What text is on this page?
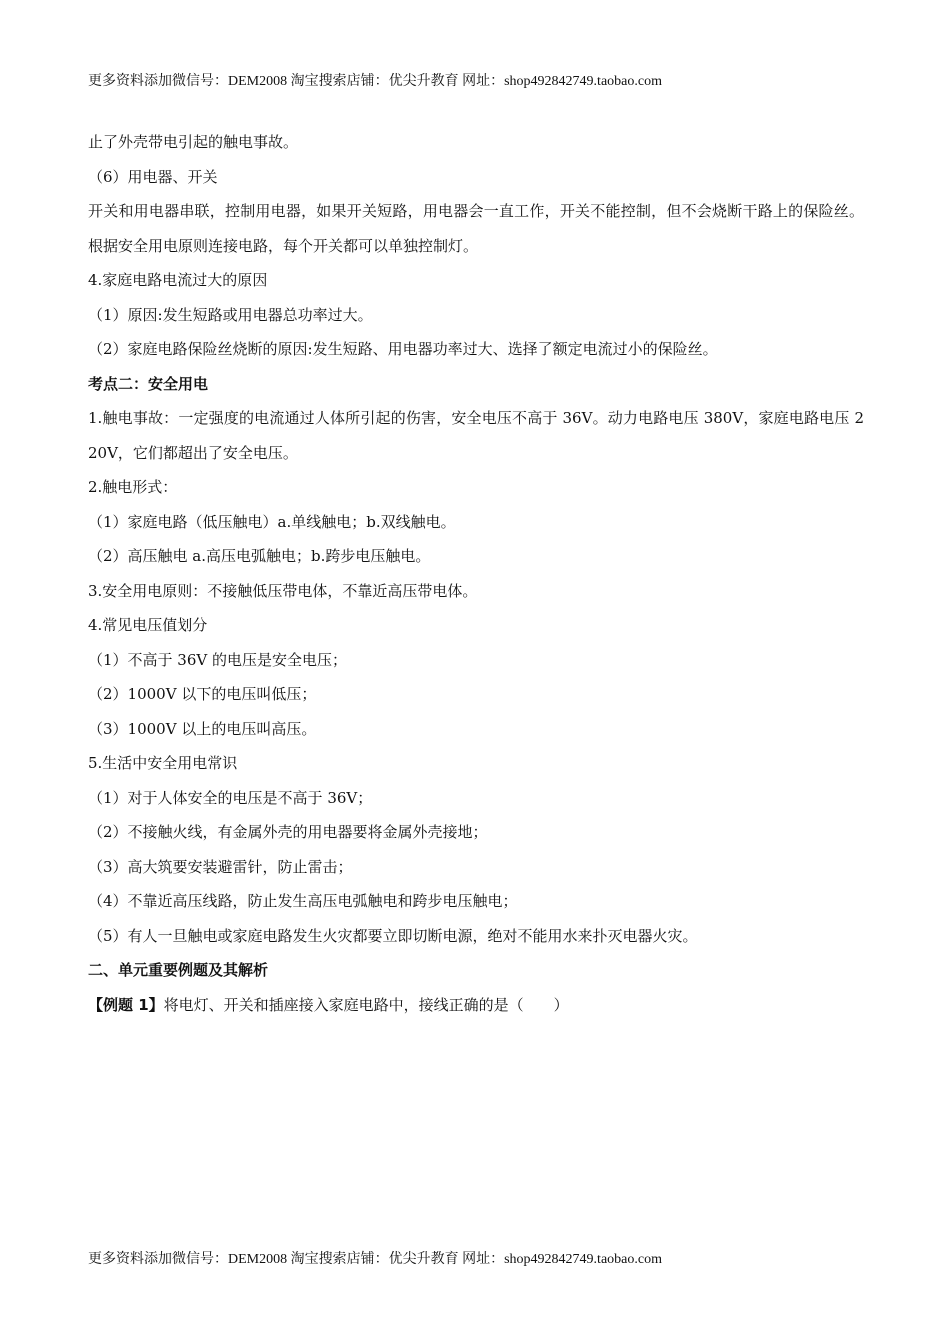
更多资料添加微信号：DEM2008 淘宝搜索店铺：优尖升教育 网址：shop492842749.taobao.com
止了外壳带电引起的触电事故。
（6）用电器、开关
开关和用电器串联，控制用电器，如果开关短路，用电器会一直工作，开关不能控制，但不会烧断干路上的保险丝。根据安全用电原则连接电路，每个开关都可以单独控制灯。
4.家庭电路电流过大的原因
（1）原因:发生短路或用电器总功率过大。
（2）家庭电路保险丝烧断的原因:发生短路、用电器功率过大、选择了额定电流过小的保险丝。
考点二：安全用电
1.触电事故：一定强度的电流通过人体所引起的伤害，安全电压不高于 36V。动力电路电压 380V，家庭电路电压 220V，它们都超出了安全电压。
2.触电形式：
（1）家庭电路（低压触电）a.单线触电；b.双线触电。
（2）高压触电 a.高压电弧触电；b.跨步电压触电。
3.安全用电原则：不接触低压带电体，不靠近高压带电体。
4.常见电压值划分
（1）不高于 36V 的电压是安全电压；
（2）1000V 以下的电压叫低压；
（3）1000V 以上的电压叫高压。
5.生活中安全用电常识
（1）对于人体安全的电压是不高于 36V；
（2）不接触火线，有金属外壳的用电器要将金属外壳接地；
（3）高大筑要安装避雷针，防止雷击；
（4）不靠近高压线路，防止发生高压电弧触电和跨步电压触电；
（5）有人一旦触电或家庭电路发生火灾都要立即切断电源，绝对不能用水来扑灭电器火灾。
二、单元重要例题及其解析
【例题 1】将电灯、开关和插座接入家庭电路中，接线正确的是（　　）
更多资料添加微信号：DEM2008 淘宝搜索店铺：优尖升教育 网址：shop492842749.taobao.com
